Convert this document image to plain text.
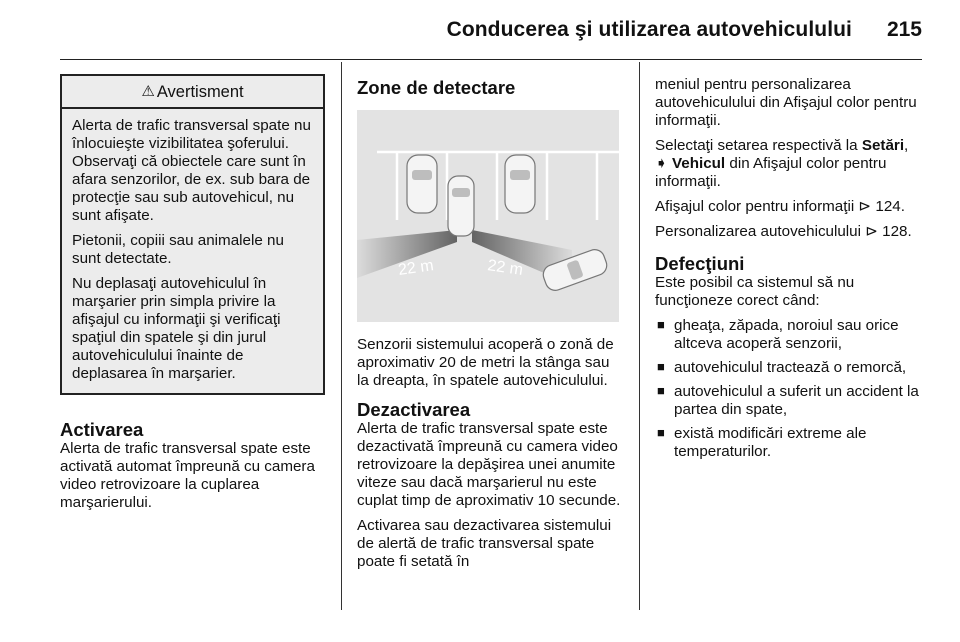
Conducerea şi utilizarea autovehiculului 215
⚠ Avertisment

Alerta de trafic transversal spate nu înlocuieşte vizibilitatea şoferului. Observaţi că obiectele care sunt în afara senzorilor, de ex. sub bara de protecţie sau sub autovehicul, nu sunt afişate.

Pietonii, copiii sau animalele nu sunt detectate.

Nu deplasaţi autovehiculul în marşarier prin simpla privire la afişajul cu informaţii şi verificaţi spaţiul din spatele şi din jurul autovehiculului înainte de deplasarea în marşarier.

Activarea

Alerta de trafic transversal spate este activată automat împreună cu camera video retrovizoare la cuplarea marşarierului.

Zone de detectare
22 m	22 m

Senzorii sistemului acoperă o zonă de aproximativ 20 de metri la stânga sau la dreapta, în spatele autovehiculului.

Dezactivarea

Alerta de trafic transversal spate este dezactivată împreună cu camera video retrovizoare la depăşirea unei anumite viteze sau dacă marşarierul nu este cuplat timp de aproximativ 10 secunde.

Activarea sau dezactivarea sistemului de alertă de trafic transversal spate poate fi setată în

meniul pentru personalizarea autovehiculului din Afişajul color pentru informaţii.

Selectaţi setarea respectivă la Setări,
➧ Vehicul din Afişajul color pentru informaţii.

Afişajul color pentru informaţii ⊳ 124.

Personalizarea autovehiculului ⊳ 128.

Defecţiuni

Este posibil ca sistemul să nu funcţioneze corect când:

■ gheaţa, zăpada, noroiul sau orice altceva acoperă senzorii,
■ autovehiculul tractează o remorcă,
■ autovehiculul a suferit un accident la partea din spate,
■ există modificări extreme ale temperaturilor.
